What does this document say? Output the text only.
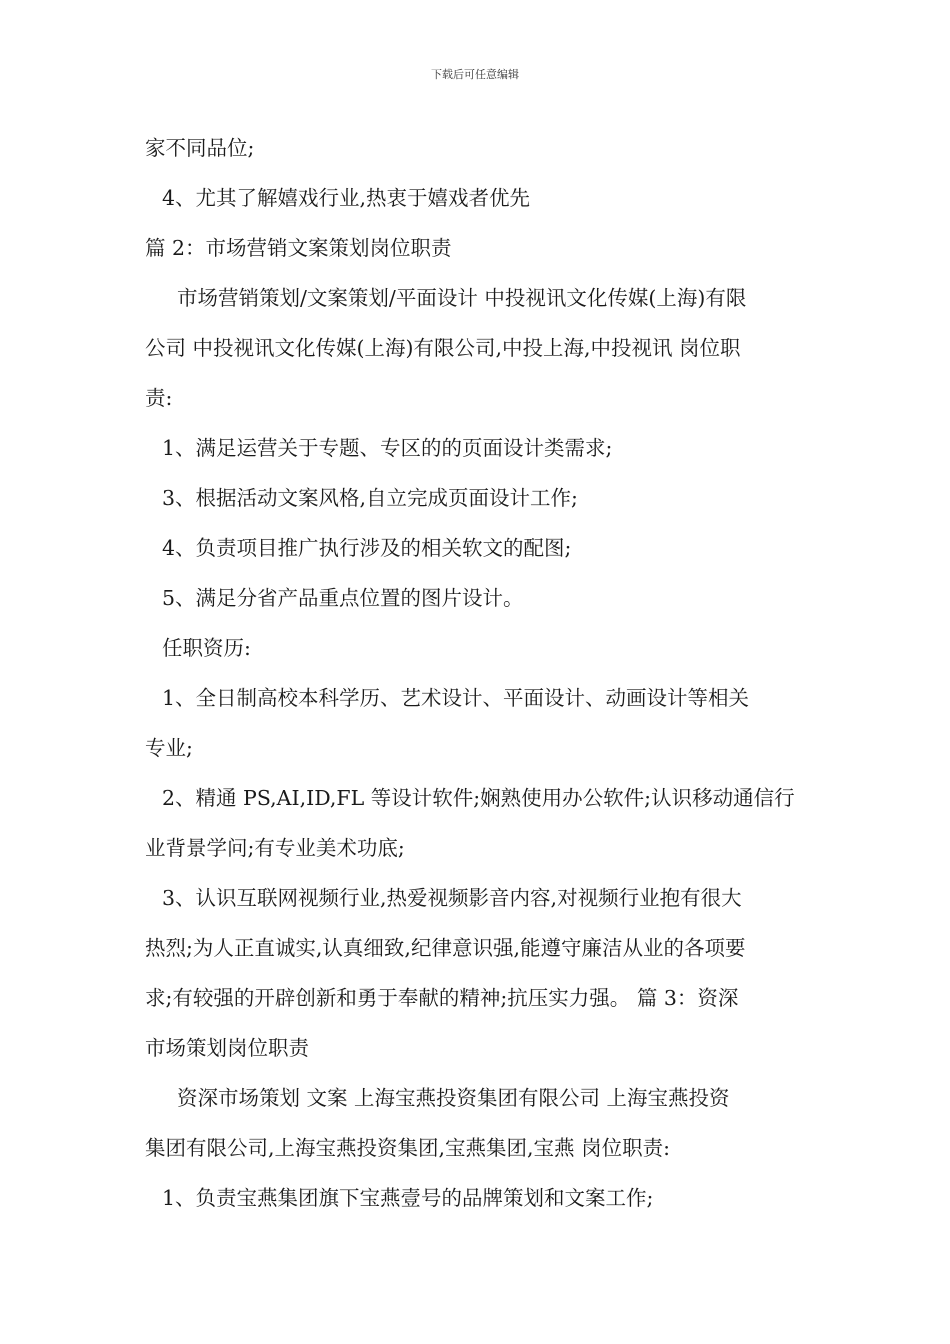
下载后可任意编辑
家不同品位;
4、尤其了解嬉戏行业,热衷于嬉戏者优先
篇 2：市场营销文案策划岗位职责
市场营销策划/文案策划/平面设计 中投视讯文化传媒(上海)有限
公司 中投视讯文化传媒(上海)有限公司,中投上海,中投视讯 岗位职
责:
1、满足运营关于专题、专区的的页面设计类需求;
3、根据活动文案风格,自立完成页面设计工作;
4、负责项目推广执行涉及的相关软文的配图;
5、满足分省产品重点位置的图片设计。
任职资历:
1、全日制高校本科学历、艺术设计、平面设计、动画设计等相关
专业;
2、精通 PS,AI,ID,FL 等设计软件;娴熟使用办公软件;认识移动通信行
业背景学问;有专业美术功底;
3、认识互联网视频行业,热爱视频影音内容,对视频行业抱有很大
热烈;为人正直诚实,认真细致,纪律意识强,能遵守廉洁从业的各项要
求;有较强的开辟创新和勇于奉献的精神;抗压实力强。 篇 3：资深
市场策划岗位职责
资深市场策划 文案 上海宝燕投资集团有限公司 上海宝燕投资
集团有限公司,上海宝燕投资集团,宝燕集团,宝燕 岗位职责:
1、负责宝燕集团旗下宝燕壹号的品牌策划和文案工作;
